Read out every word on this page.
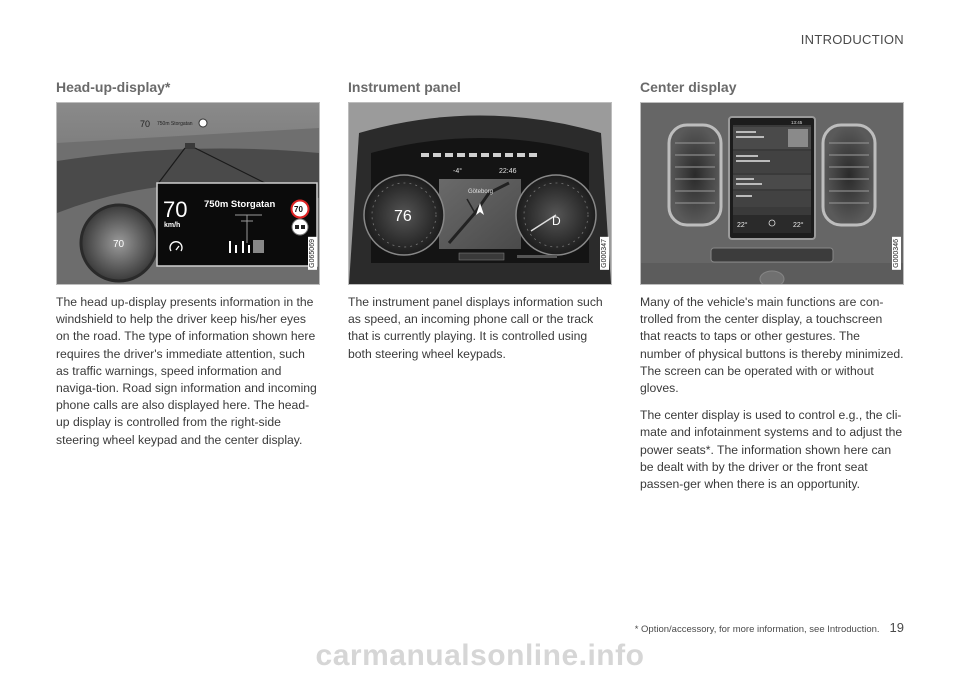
INTRODUCTION
Head-up-display*
70
70 750m Storgatan
70
km/h
750m Storgatan 70
G065069

The head up-display presents information in the windshield to help the driver keep his/her eyes on the road. The type of information shown here requires the driver's immediate attention, such as traffic warnings, speed information and naviga-tion. Road sign information and incoming phone calls are also displayed here. The head-up display is controlled from the right-side steering wheel keypad and the center display.

Instrument panel
Göteborg
-4°	22:46
76	D
G000347

The instrument panel displays information such as speed, an incoming phone call or the track that is currently playing. It is controlled using both steering wheel keypads.

Center display
13:45
22°	22°
G000346

Many of the vehicle's main functions are con-trolled from the center display, a touchscreen that reacts to taps or other gestures. The number of physical buttons is thereby minimized. The screen can be operated with or without gloves.

The center display is used to control e.g., the cli-mate and infotainment systems and to adjust the power seats*. The information shown here can be dealt with by the driver or the front seat passen-ger when there is an opportunity.

* Option/accessory, for more information, see Introduction. 19
carmanualsonline.info
